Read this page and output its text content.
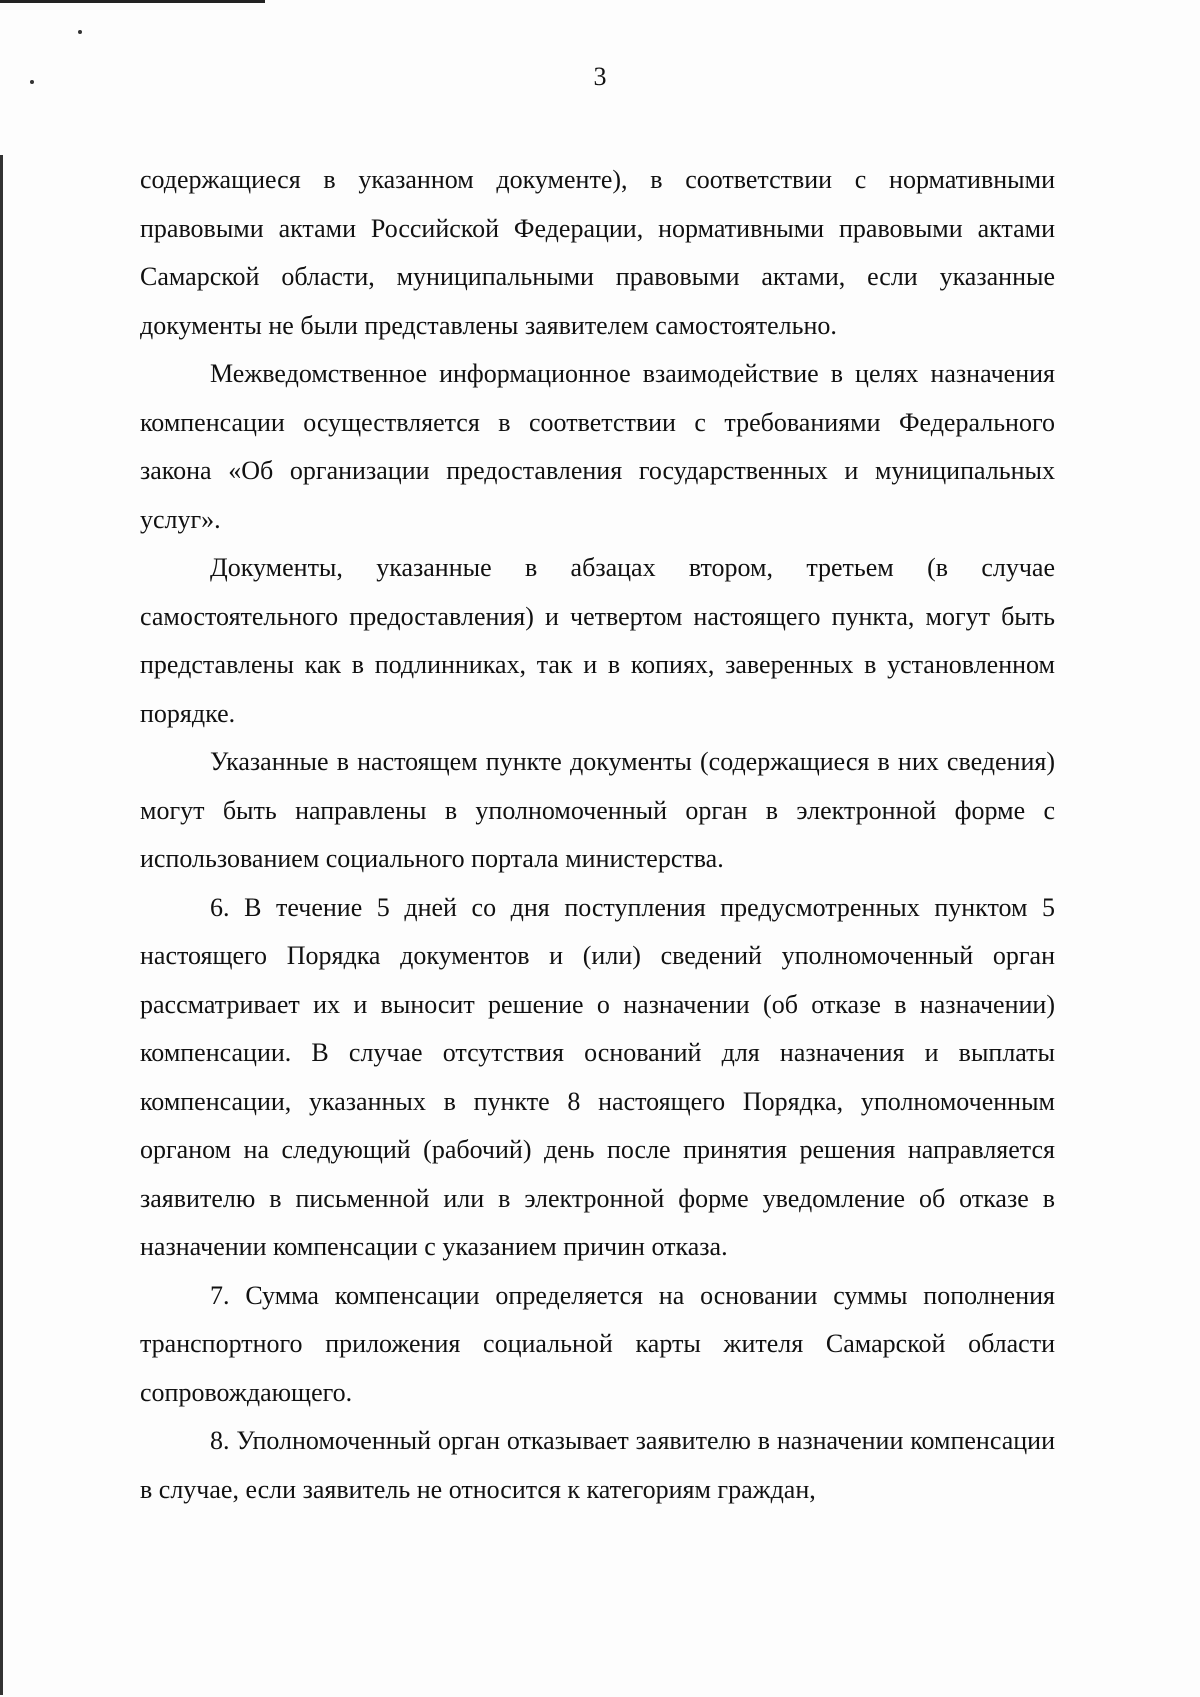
3

содержащиеся в указанном документе), в соответствии с нормативными правовыми актами Российской Федерации, нормативными правовыми актами Самарской области, муниципальными правовыми актами, если указанные документы не были представлены заявителем самостоятельно.

Межведомственное информационное взаимодействие в целях назначения компенсации осуществляется в соответствии с требованиями Федерального закона «Об организации предоставления государственных и муниципальных услуг».

Документы, указанные в абзацах втором, третьем (в случае самостоятельного предоставления) и четвертом настоящего пункта, могут быть представлены как в подлинниках, так и в копиях, заверенных в установленном порядке.

Указанные в настоящем пункте документы (содержащиеся в них сведения) могут быть направлены в уполномоченный орган в электронной форме с использованием социального портала министерства.

6. В течение 5 дней со дня поступления предусмотренных пунктом 5 настоящего Порядка документов и (или) сведений уполномоченный орган рассматривает их и выносит решение о назначении (об отказе в назначении) компенсации. В случае отсутствия оснований для назначения и выплаты компенсации, указанных в пункте 8 настоящего Порядка, уполномоченным органом на следующий (рабочий) день после принятия решения направляется заявителю в письменной или в электронной форме уведомление об отказе в назначении компенсации с указанием причин отказа.

7. Сумма компенсации определяется на основании суммы пополнения транспортного приложения социальной карты жителя Самарской области сопровождающего.

8. Уполномоченный орган отказывает заявителю в назначении компенсации в случае, если заявитель не относится к категориям граждан,
